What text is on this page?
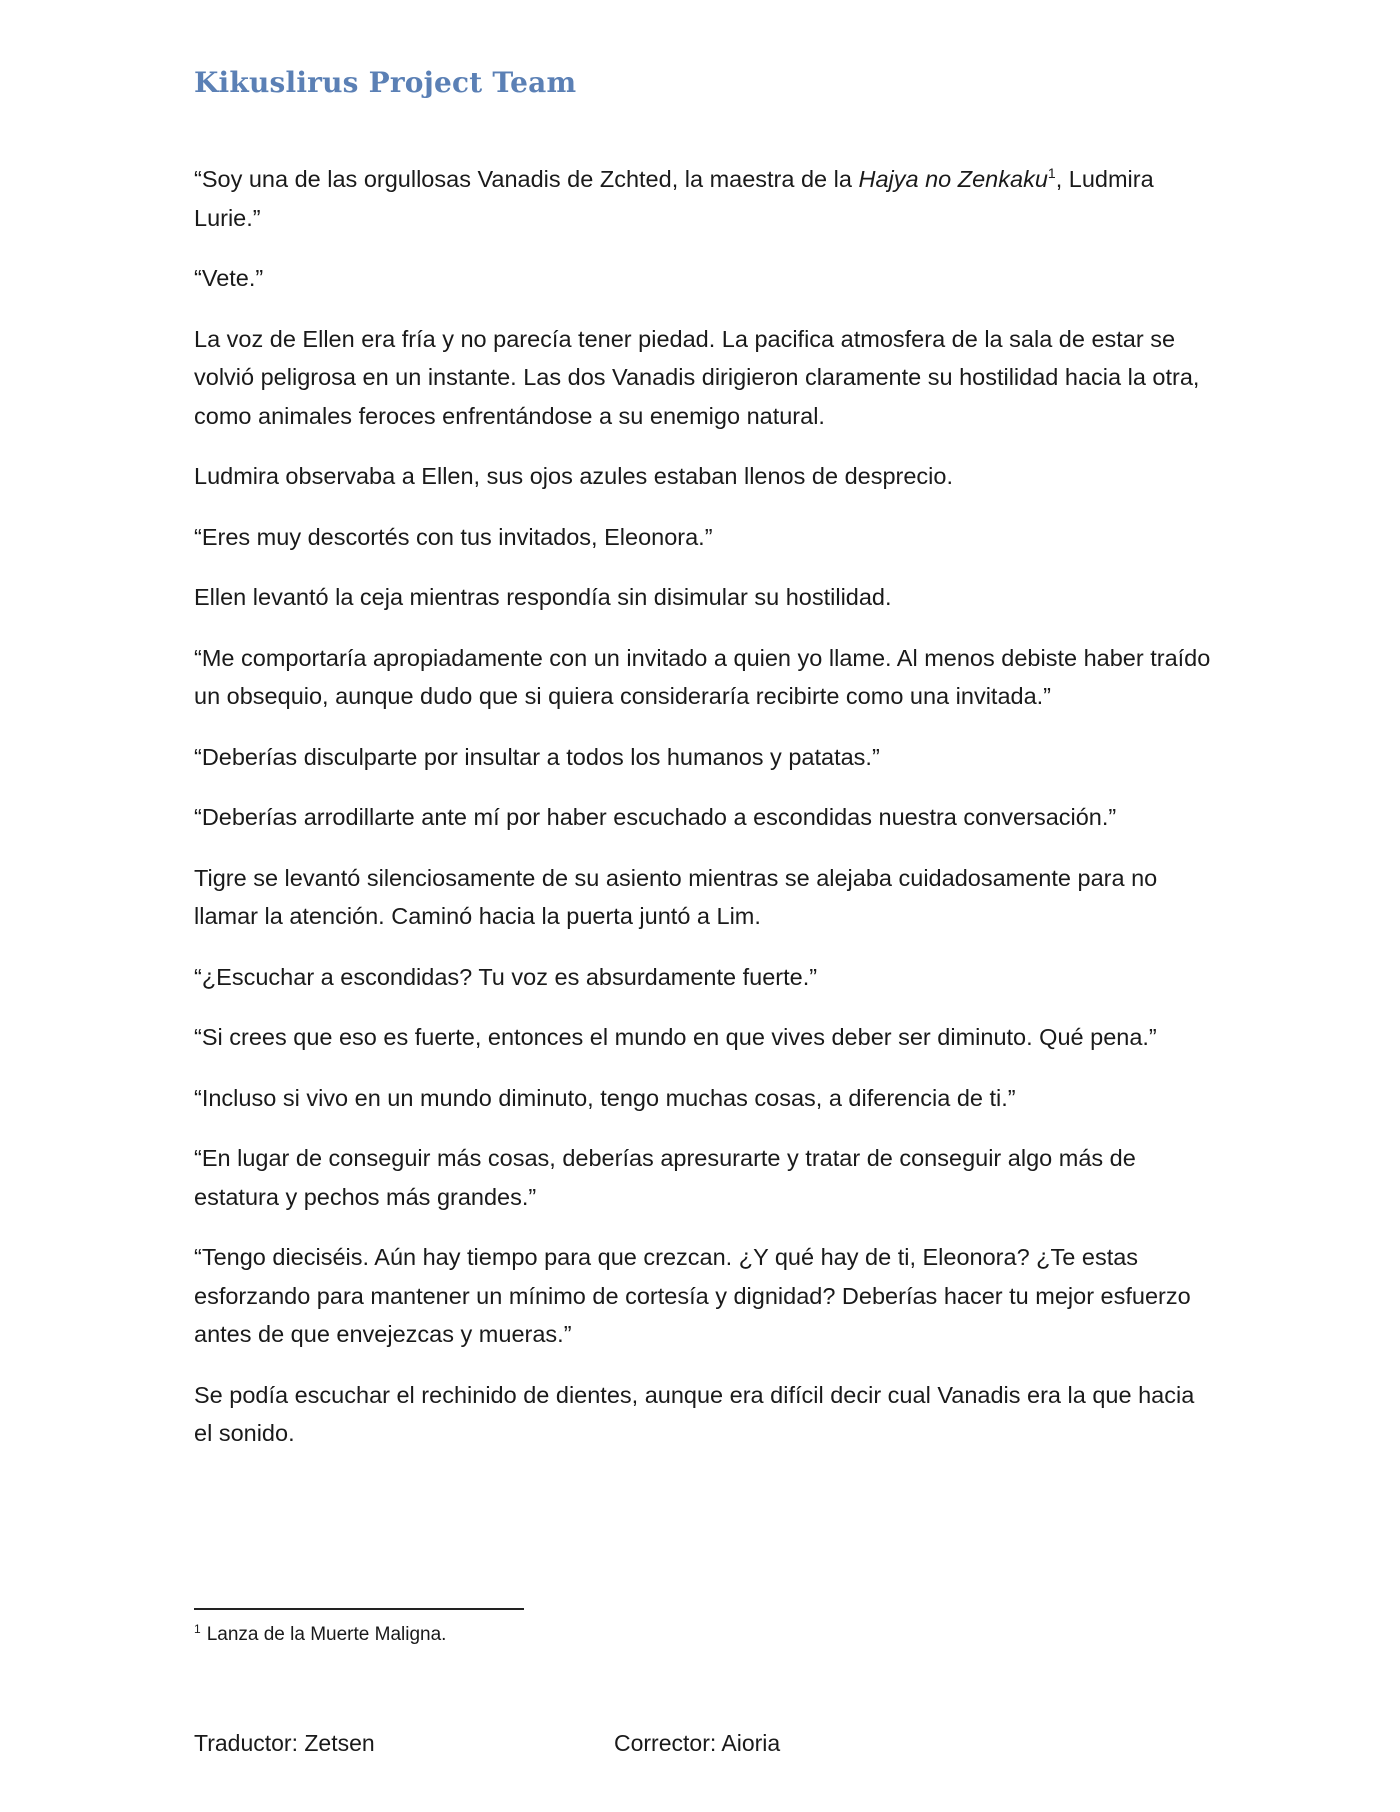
Kikuslirus Project Team

“Soy una de las orgullosas Vanadis de Zchted, la maestra de la Hajya no Zenkaku$^1$, Ludmira Lurie.”

“Vete.”

La voz de Ellen era fría y no parecía tener piedad. La pacifica atmosfera de la sala de estar se volvió peligrosa en un instante. Las dos Vanadis dirigieron claramente su hostilidad hacia la otra, como animales feroces enfrentándose a su enemigo natural.

Ludmira observaba a Ellen, sus ojos azules estaban llenos de desprecio.

“Eres muy descortés con tus invitados, Eleonora.”

Ellen levantó la ceja mientras respondía sin disimular su hostilidad.

“Me comportaría apropiadamente con un invitado a quien yo llame. Al menos debiste haber traído un obsequio, aunque dudo que si quiera consideraría recibirte como una invitada.”

“Deberías disculparte por insultar a todos los humanos y patatas.”

“Deberías arrodillarte ante mí por haber escuchado a escondidas nuestra conversación.”

Tigre se levantó silenciosamente de su asiento mientras se alejaba cuidadosamente para no llamar la atención. Caminó hacia la puerta juntó a Lim.

“¿Escuchar a escondidas? Tu voz es absurdamente fuerte.”

“Si crees que eso es fuerte, entonces el mundo en que vives deber ser diminuto. Qué pena.”

“Incluso si vivo en un mundo diminuto, tengo muchas cosas, a diferencia de ti.”

“En lugar de conseguir más cosas, deberías apresurarte y tratar de conseguir algo más de estatura y pechos más grandes.”

“Tengo dieciséis. Aún hay tiempo para que crezcan. ¿Y qué hay de ti, Eleonora? ¿Te estas esforzando para mantener un mínimo de cortesía y dignidad? Deberías hacer tu mejor esfuerzo antes de que envejezcas y mueras.”

Se podía escuchar el rechinido de dientes, aunque era difícil decir cual Vanadis era la que hacia el sonido.

$^1$ Lanza de la Muerte Maligna.
Traductor: Zetsen	Corrector: Aioria
